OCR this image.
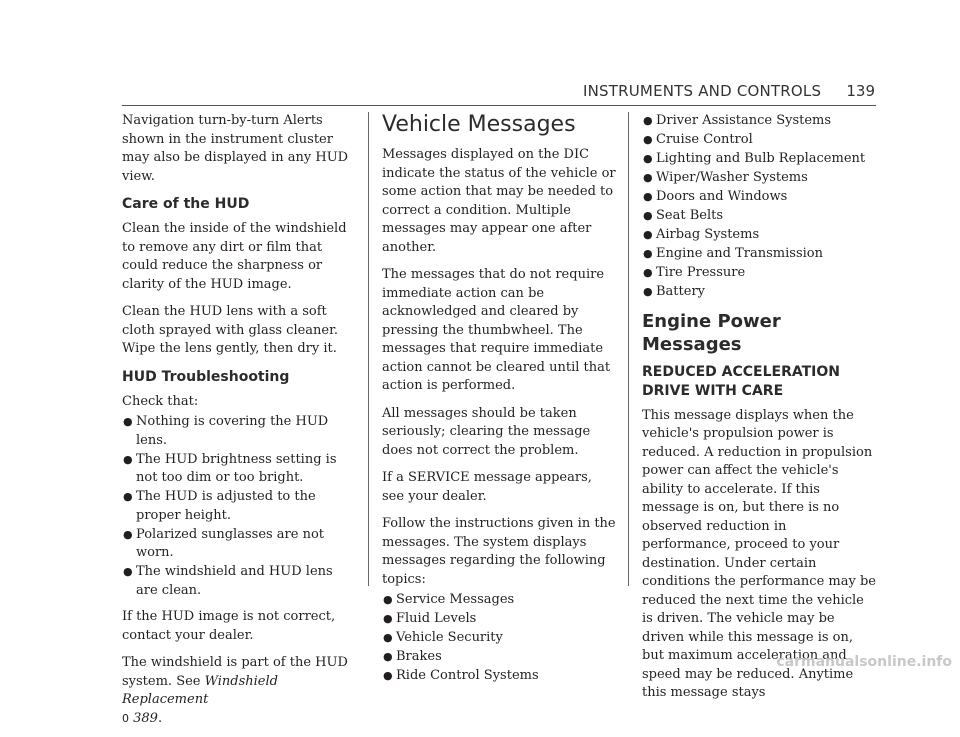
INSTRUMENTS AND CONTROLS 139

Navigation turn-by-turn Alerts shown in the instrument cluster may also be displayed in any HUD view.

Care of the HUD

Clean the inside of the windshield to remove any dirt or film that could reduce the sharpness or clarity of the HUD image.

Clean the HUD lens with a soft cloth sprayed with glass cleaner. Wipe the lens gently, then dry it.

HUD Troubleshooting

Check that:

● Nothing is covering the HUD lens.
● The HUD brightness setting is not too dim or too bright.
● The HUD is adjusted to the proper height.
● Polarized sunglasses are not worn.
● The windshield and HUD lens are clean.

If the HUD image is not correct, contact your dealer.

The windshield is part of the HUD system. See Windshield Replacement
0 389.

Vehicle Messages

Messages displayed on the DIC indicate the status of the vehicle or some action that may be needed to correct a condition. Multiple messages may appear one after another.

The messages that do not require immediate action can be acknowledged and cleared by pressing the thumbwheel. The messages that require immediate action cannot be cleared until that action is performed.

All messages should be taken seriously; clearing the message does not correct the problem.

If a SERVICE message appears, see your dealer.

Follow the instructions given in the messages. The system displays messages regarding the following topics:

● Service Messages
● Fluid Levels
● Vehicle Security
● Brakes
● Ride Control Systems
● Driver Assistance Systems
● Cruise Control
● Lighting and Bulb Replacement
● Wiper/Washer Systems
● Doors and Windows
● Seat Belts
● Airbag Systems
● Engine and Transmission
● Tire Pressure
● Battery
Engine Power Messages
REDUCED ACCELERATION DRIVE WITH CARE

This message displays when the vehicle's propulsion power is reduced. A reduction in propulsion power can affect the vehicle's ability to accelerate. If this message is on, but there is no observed reduction in performance, proceed to your destination. Under certain conditions the performance may be reduced the next time the vehicle is driven. The vehicle may be driven while this message is on, but maximum acceleration and speed may be reduced. Anytime this message stays

carmanualsonline.info
